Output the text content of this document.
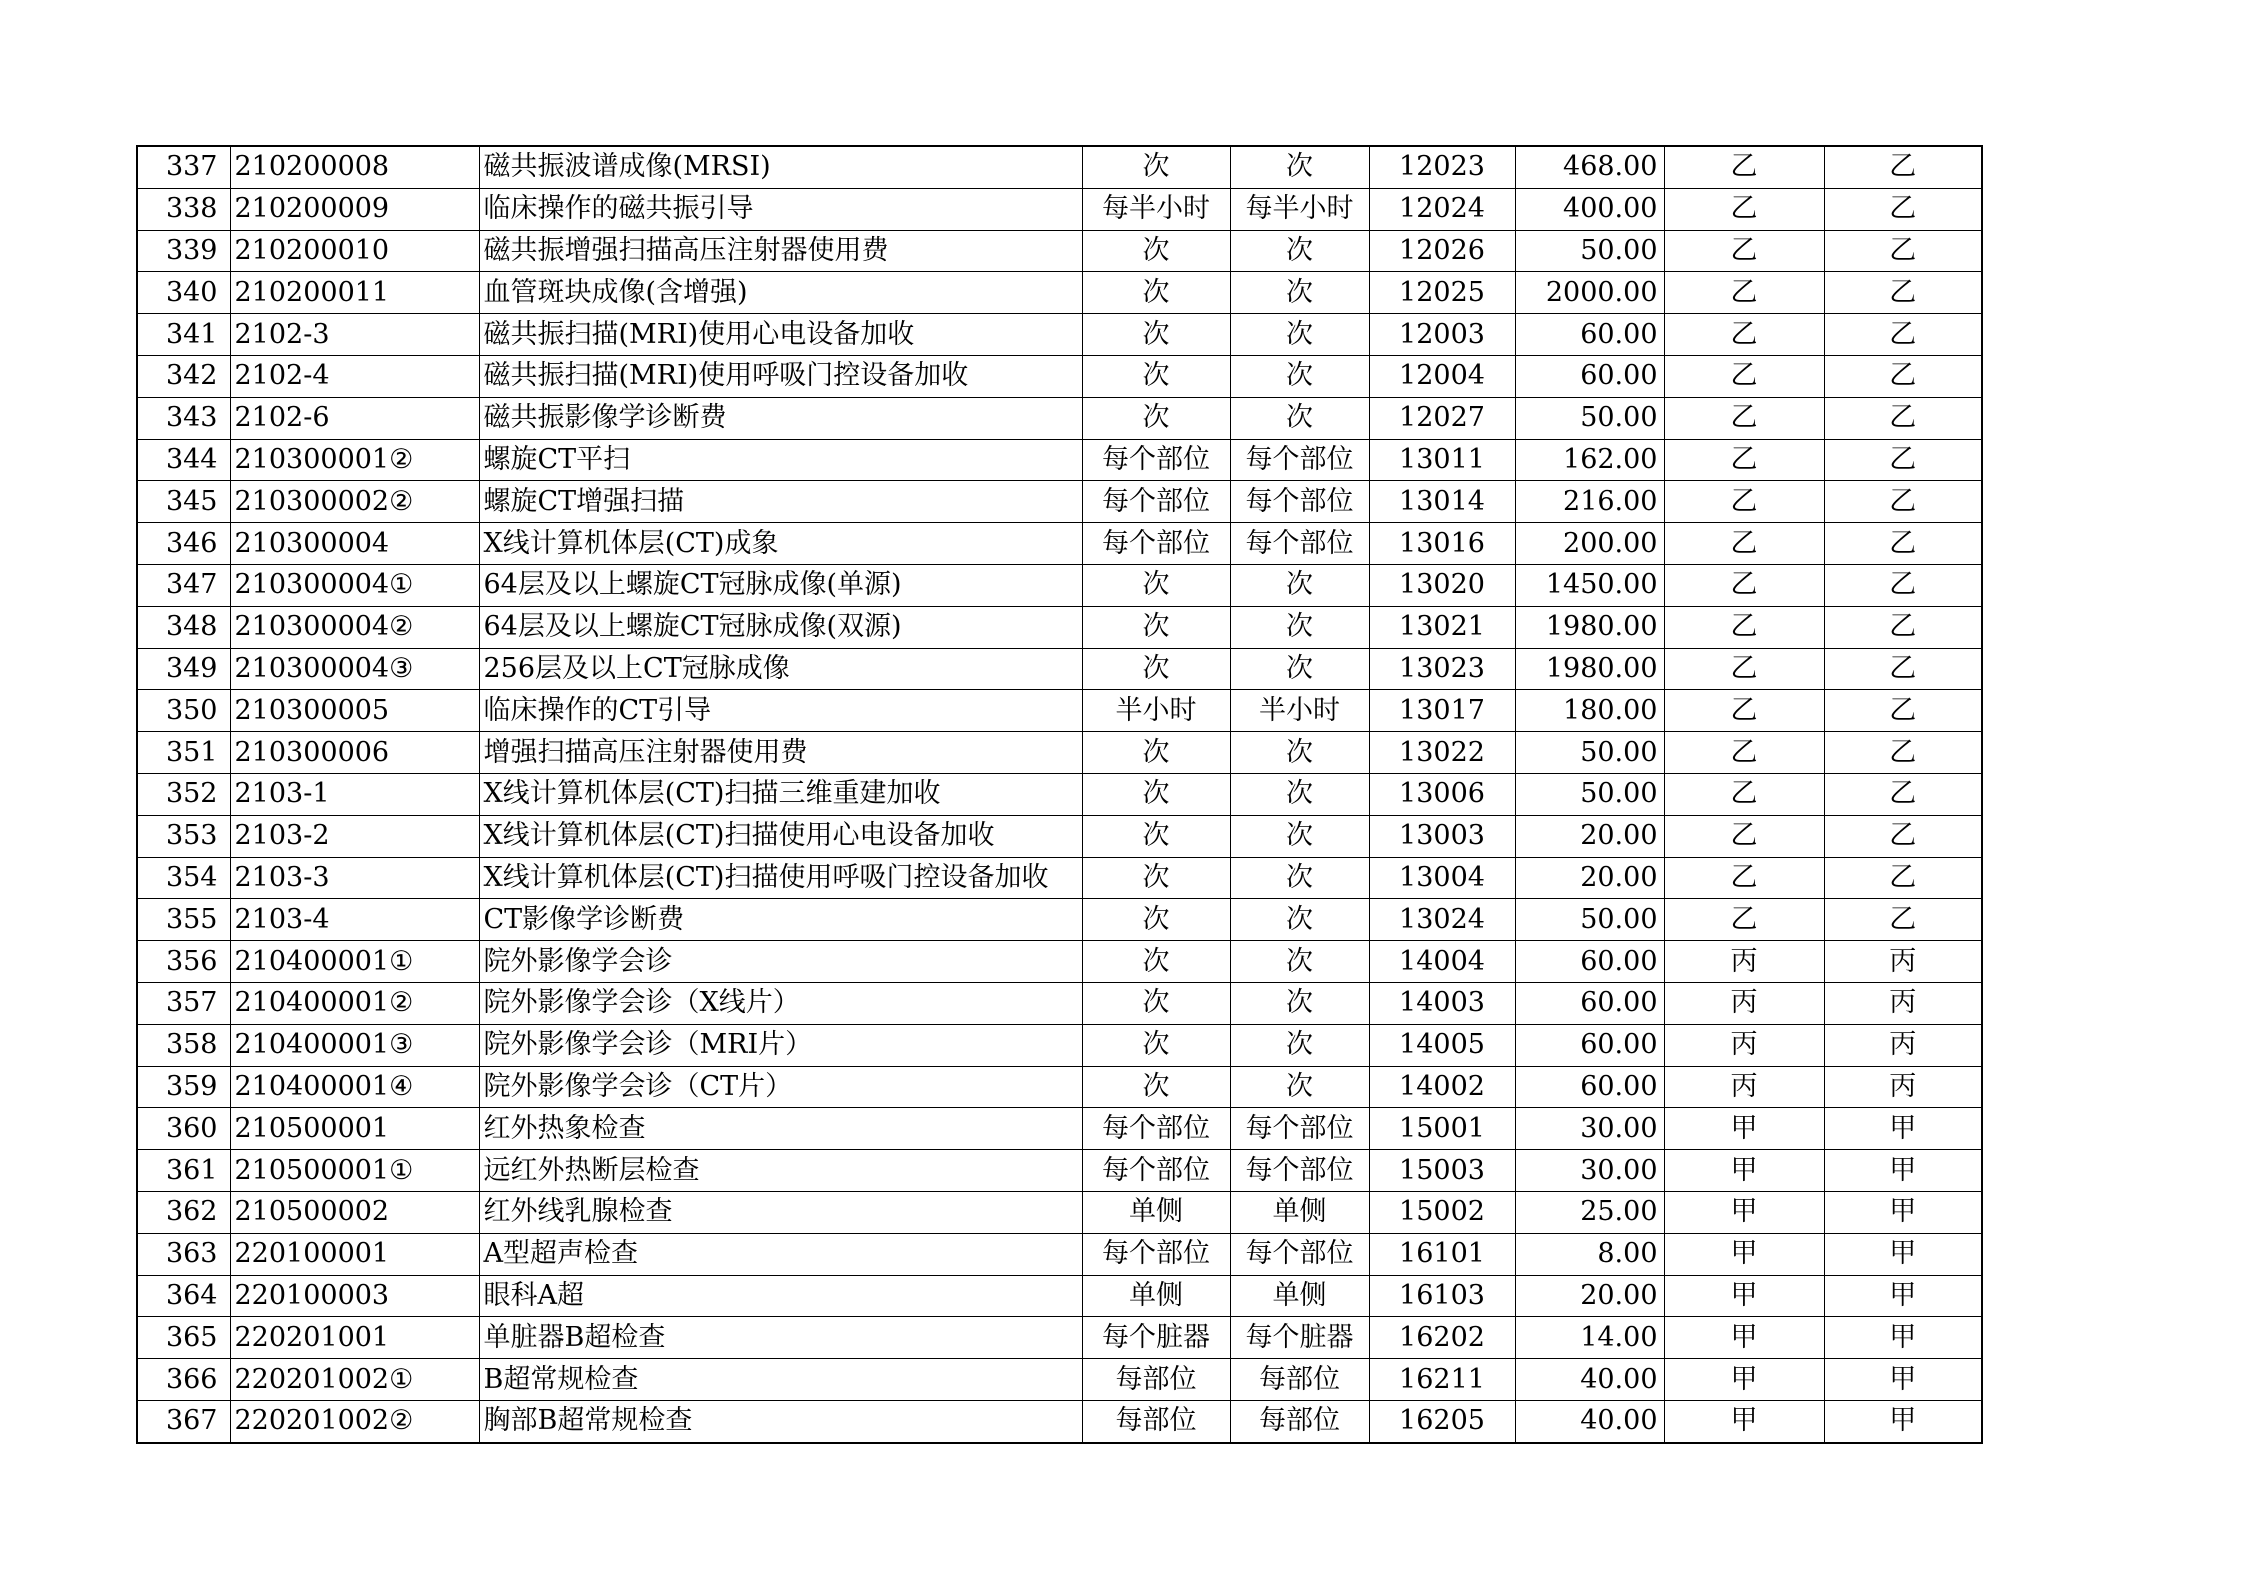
337	210200008	磁共振波谱成像(MRSI)	次	次	12023	468.00	乙	乙
338	210200009	临床操作的磁共振引导	每半小时	每半小时	12024	400.00	乙	乙
339	210200010	磁共振增强扫描高压注射器使用费	次	次	12026	50.00	乙	乙
340	210200011	血管斑块成像(含增强)	次	次	12025	2000.00	乙	乙
341	2102-3	磁共振扫描(MRI)使用心电设备加收	次	次	12003	60.00	乙	乙
342	2102-4	磁共振扫描(MRI)使用呼吸门控设备加收	次	次	12004	60.00	乙	乙
343	2102-6	磁共振影像学诊断费	次	次	12027	50.00	乙	乙
344	210300001②	螺旋CT平扫	每个部位	每个部位	13011	162.00	乙	乙
345	210300002②	螺旋CT增强扫描	每个部位	每个部位	13014	216.00	乙	乙
346	210300004	X线计算机体层(CT)成象	每个部位	每个部位	13016	200.00	乙	乙
347	210300004①	64层及以上螺旋CT冠脉成像(单源)	次	次	13020	1450.00	乙	乙
348	210300004②	64层及以上螺旋CT冠脉成像(双源)	次	次	13021	1980.00	乙	乙
349	210300004③	256层及以上CT冠脉成像	次	次	13023	1980.00	乙	乙
350	210300005	临床操作的CT引导	半小时	半小时	13017	180.00	乙	乙
351	210300006	增强扫描高压注射器使用费	次	次	13022	50.00	乙	乙
352	2103-1	X线计算机体层(CT)扫描三维重建加收	次	次	13006	50.00	乙	乙
353	2103-2	X线计算机体层(CT)扫描使用心电设备加收	次	次	13003	20.00	乙	乙
354	2103-3	X线计算机体层(CT)扫描使用呼吸门控设备加收	次	次	13004	20.00	乙	乙
355	2103-4	CT影像学诊断费	次	次	13024	50.00	乙	乙
356	210400001①	院外影像学会诊	次	次	14004	60.00	丙	丙
357	210400001②	院外影像学会诊（X线片）	次	次	14003	60.00	丙	丙
358	210400001③	院外影像学会诊（MRI片）	次	次	14005	60.00	丙	丙
359	210400001④	院外影像学会诊（CT片）	次	次	14002	60.00	丙	丙
360	210500001	红外热象检查	每个部位	每个部位	15001	30.00	甲	甲
361	210500001①	远红外热断层检查	每个部位	每个部位	15003	30.00	甲	甲
362	210500002	红外线乳腺检查	单侧	单侧	15002	25.00	甲	甲
363	220100001	A型超声检查	每个部位	每个部位	16101	8.00	甲	甲
364	220100003	眼科A超	单侧	单侧	16103	20.00	甲	甲
365	220201001	单脏器B超检查	每个脏器	每个脏器	16202	14.00	甲	甲
366	220201002①	B超常规检查	每部位	每部位	16211	40.00	甲	甲
367	220201002②	胸部B超常规检查	每部位	每部位	16205	40.00	甲	甲
